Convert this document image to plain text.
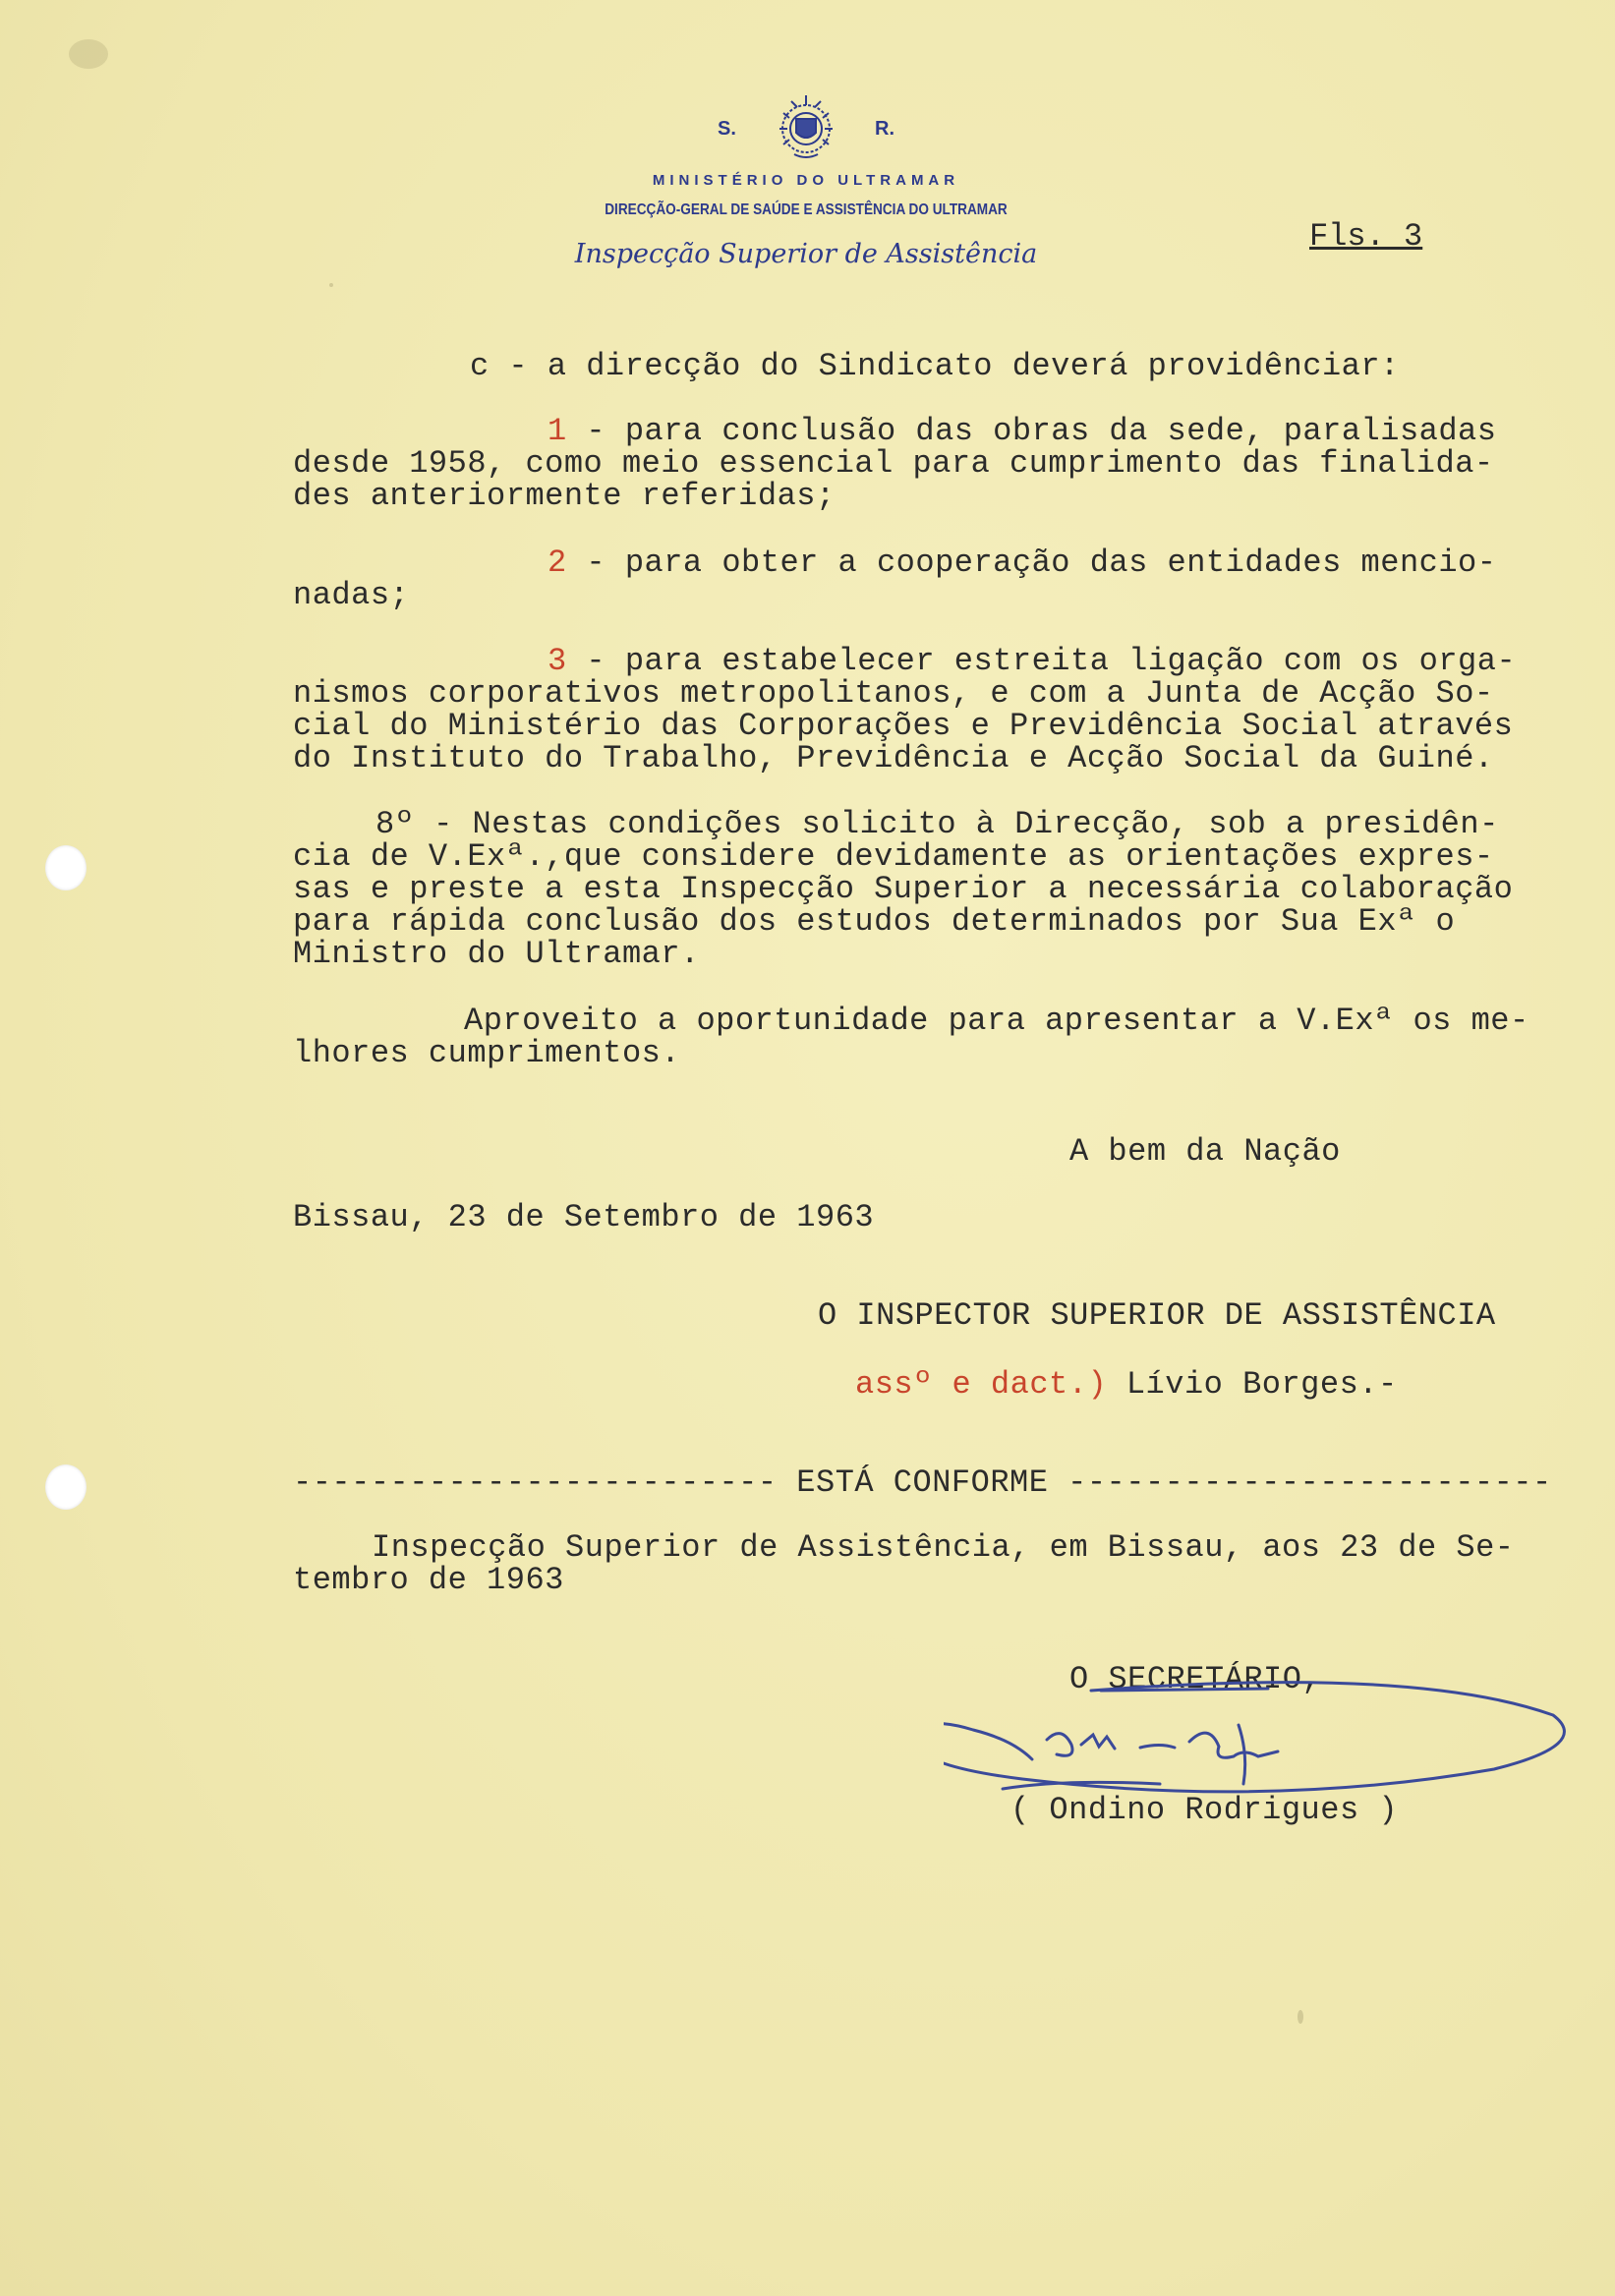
S.	R.
MINISTÉRIO DO ULTRAMAR
DIRECÇÃO-GERAL DE SAÚDE E ASSISTÊNCIA DO ULTRAMAR
Inspecção Superior de Assistência	Fls. 3
c - a direcção do Sindicato deverá providênciar:
1 - para conclusão das obras da sede, paralisadas
desde 1958, como meio essencial para cumprimento das finalida-
des anteriormente referidas;
2 - para obter a cooperação das entidades mencio-
nadas;
3 - para estabelecer estreita ligação com os orga-
nismos corporativos metropolitanos, e com a Junta de Acção So-
cial do Ministério das Corporações e Previdência Social através
do Instituto do Trabalho, Previdência e Acção Social da Guiné.
8º - Nestas condições solicito à Direcção, sob a presidên-
cia de V.Exª.,que considere devidamente as orientações expres-
sas e preste a esta Inspecção Superior a necessária colaboração
para rápida conclusão dos estudos determinados por Sua Exª o
Ministro do Ultramar.
Aproveito a oportunidade para apresentar a V.Exª os me-
lhores cumprimentos.
A bem da Nação
Bissau, 23 de Setembro de 1963
O INSPECTOR SUPERIOR DE ASSISTÊNCIA
assº e dact.) Lívio Borges.-
------------------------- ESTÁ CONFORME -------------------------
Inspecção Superior de Assistência, em Bissau, aos 23 de Se-
tembro de 1963
O SECRETÁRIO,
( Ondino Rodrigues )
